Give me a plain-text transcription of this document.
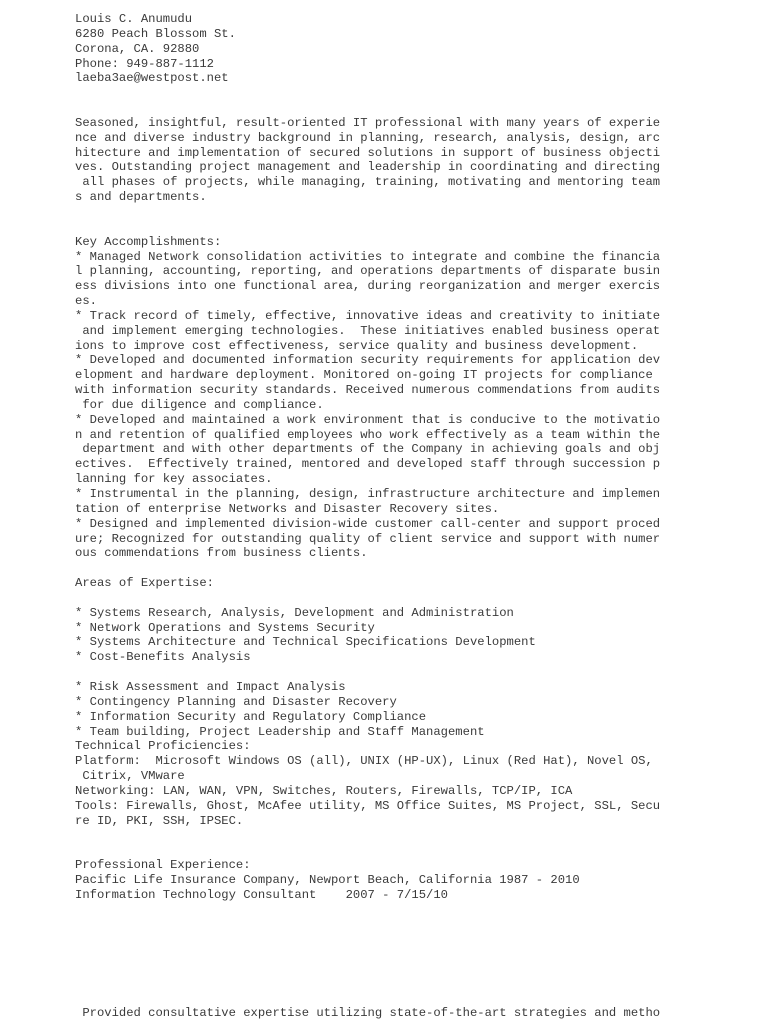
Louis C. Anumudu
6280 Peach Blossom St.
Corona, CA. 92880
Phone: 949-887-1112
laeba3ae@westpost.net
Seasoned, insightful, result-oriented IT professional with many years of experie
nce and diverse industry background in planning, research, analysis, design, arc
hitecture and implementation of secured solutions in support of business objecti
ves. Outstanding project management and leadership in coordinating and directing
all phases of projects, while managing, training, motivating and mentoring team
s and departments.
Key Accomplishments:
* Managed Network consolidation activities to integrate and combine the financia
l planning, accounting, reporting, and operations departments of disparate busin
ess divisions into one functional area, during reorganization and merger exercis
es.
* Track record of timely, effective, innovative ideas and creativity to initiate
and implement emerging technologies.  These initiatives enabled business operat
ions to improve cost effectiveness, service quality and business development.
* Developed and documented information security requirements for application dev
elopment and hardware deployment. Monitored on-going IT projects for compliance
with information security standards. Received numerous commendations from audits
for due diligence and compliance.
* Developed and maintained a work environment that is conducive to the motivatio
n and retention of qualified employees who work effectively as a team within the
department and with other departments of the Company in achieving goals and obj
ectives.  Effectively trained, mentored and developed staff through succession p
lanning for key associates.
* Instrumental in the planning, design, infrastructure architecture and implemen
tation of enterprise Networks and Disaster Recovery sites.
* Designed and implemented division-wide customer call-center and support proced
ure; Recognized for outstanding quality of client service and support with numer
ous commendations from business clients.
Areas of Expertise:
* Systems Research, Analysis, Development and Administration
* Network Operations and Systems Security
* Systems Architecture and Technical Specifications Development
* Cost-Benefits Analysis
* Risk Assessment and Impact Analysis
* Contingency Planning and Disaster Recovery
* Information Security and Regulatory Compliance
* Team building, Project Leadership and Staff Management
Technical Proficiencies:
Platform:  Microsoft Windows OS (all), UNIX (HP-UX), Linux (Red Hat), Novel OS,
Citrix, VMware
Networking: LAN, WAN, VPN, Switches, Routers, Firewalls, TCP/IP, ICA
Tools: Firewalls, Ghost, McAfee utility, MS Office Suites, MS Project, SSL, Secu
re ID, PKI, SSH, IPSEC.
Professional Experience:
Pacific Life Insurance Company, Newport Beach, California 1987 - 2010
Information Technology Consultant    2007 - 7/15/10
Provided consultative expertise utilizing state-of-the-art strategies and metho
